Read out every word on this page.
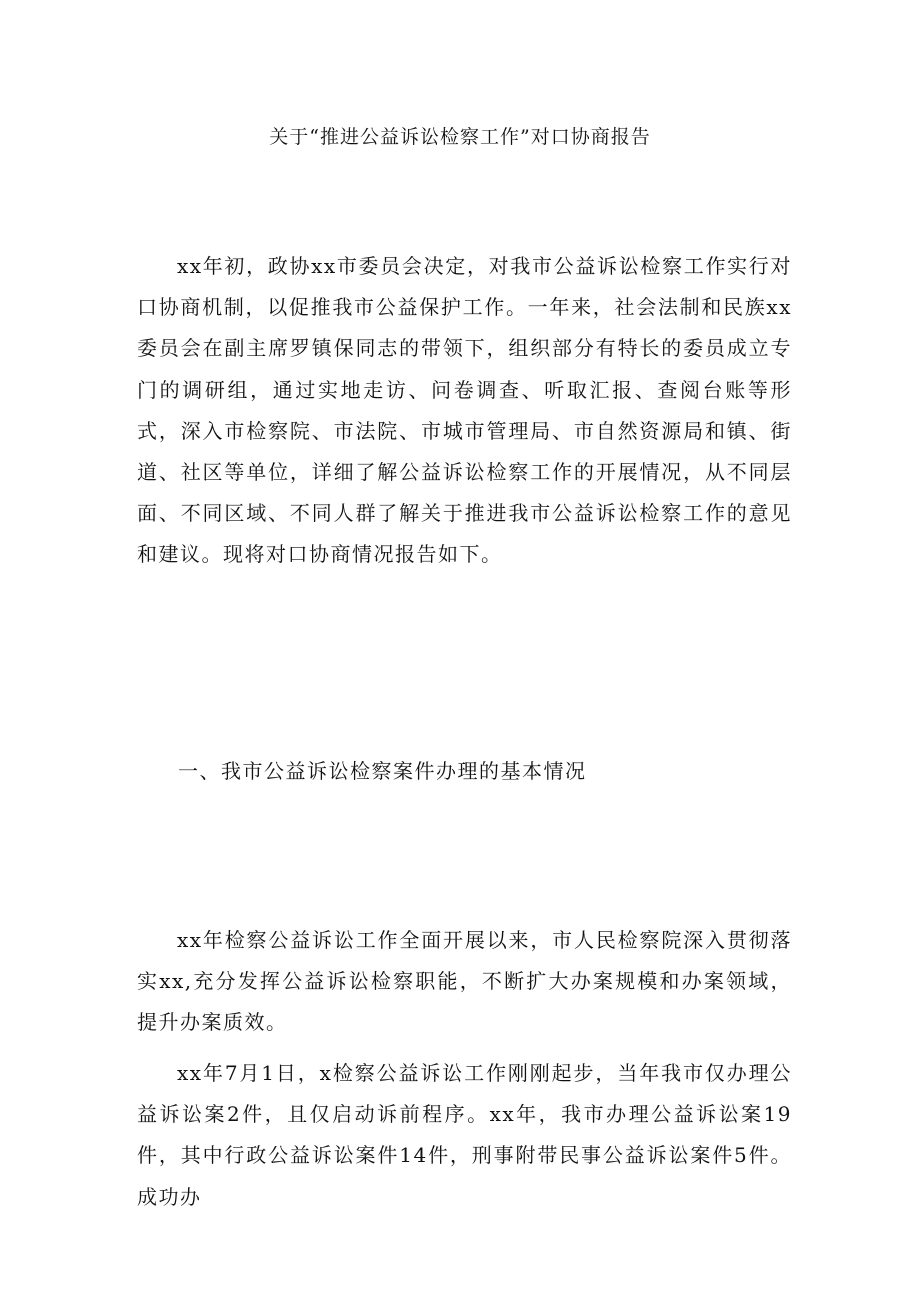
关于“推进公益诉讼检察工作”对口协商报告

xx年初，政协xx市委员会决定，对我市公益诉讼检察工作实行对口协商机制，以促推我市公益保护工作。一年来，社会法制和民族xx委员会在副主席罗镇保同志的带领下，组织部分有特长的委员成立专门的调研组，通过实地走访、问卷调查、听取汇报、查阅台账等形式，深入市检察院、市法院、市城市管理局、市自然资源局和镇、街道、社区等单位，详细了解公益诉讼检察工作的开展情况，从不同层面、不同区域、不同人群了解关于推进我市公益诉讼检察工作的意见和建议。现将对口协商情况报告如下。

一、我市公益诉讼检察案件办理的基本情况

xx年检察公益诉讼工作全面开展以来，市人民检察院深入贯彻落实xx,充分发挥公益诉讼检察职能，不断扩大办案规模和办案领域，提升办案质效。

xx年7月1日，x检察公益诉讼工作刚刚起步，当年我市仅办理公益诉讼案2件，且仅启动诉前程序。xx年，我市办理公益诉讼案19件，其中行政公益诉讼案件14件，刑事附带民事公益诉讼案件5件。成功办
